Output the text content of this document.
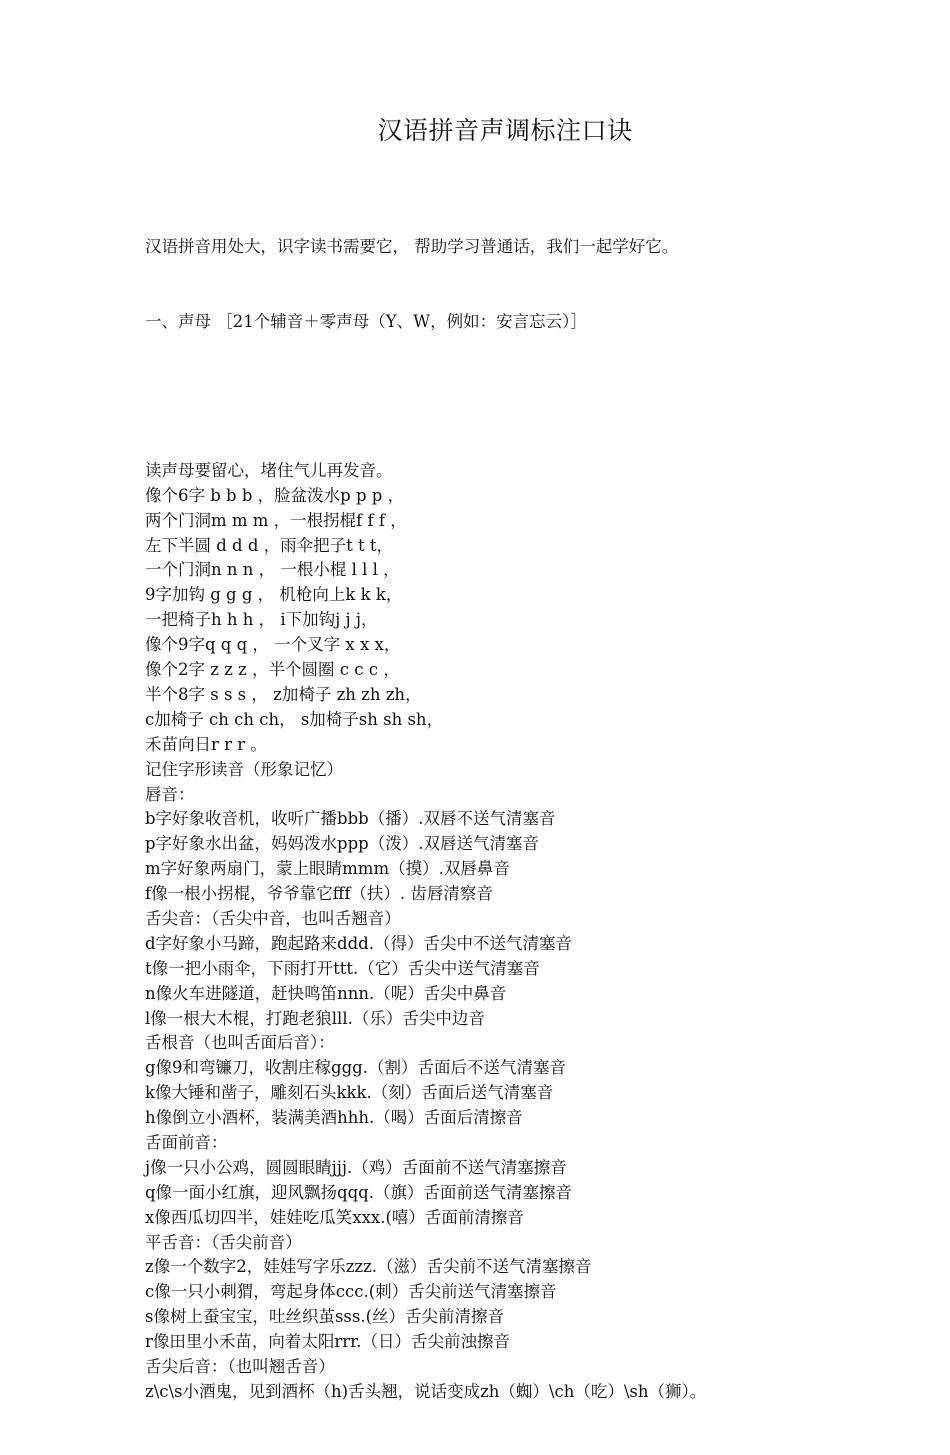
汉语拼音声调标注口诀

汉语拼音用处大，识字读书需要它， 帮助学习普通话，我们一起学好它。

一、声母 ［21个辅音＋零声母（Y、W，例如：安言忘云）］

读声母要留心，堵住气儿再发音。
像个6字 b b b ，脸盆泼水p p p ，
两个门洞m m m ，一根拐棍f f f ，
左下半圆 d d d ，雨伞把子t t t，
一个门洞n n n ， 一根小棍 l l l ，
9字加钩 g g g ， 机枪向上k k k，
一把椅子h h h ， i下加钩j j j，
像个9字q q q ， 一个叉字 x x x，
像个2字 z z z ，半个圆圈 c c c ，
半个8字 s s s ， z加椅子 zh zh zh，
c加椅子 ch ch ch， s加椅子sh sh sh，
禾苗向日r r r 。
记住字形读音（形象记忆）
唇音：
b字好象收音机，收听广播bbb（播）.双唇不送气清塞音
p字好象水出盆，妈妈泼水ppp（泼）.双唇送气清塞音
m字好象两扇门，蒙上眼睛mmm（摸）.双唇鼻音
f像一根小拐棍，爷爷靠它fff（扶）. 齿唇清察音
舌尖音：（舌尖中音，也叫舌翘音）
d字好象小马蹄，跑起路来ddd.（得）舌尖中不送气清塞音
t像一把小雨伞，下雨打开ttt.（它）舌尖中送气清塞音
n像火车进隧道，赶快鸣笛nnn.（呢）舌尖中鼻音
l像一根大木棍，打跑老狼lll.（乐）舌尖中边音
舌根音（也叫舌面后音）：
g像9和弯镰刀，收割庄稼ggg.（割）舌面后不送气清塞音
k像大锤和凿子，雕刻石头kkk.（刻）舌面后送气清塞音
h像倒立小酒杯，装满美酒hhh.（喝）舌面后清擦音
舌面前音：
j像一只小公鸡，圆圆眼睛jjj.（鸡）舌面前不送气清塞擦音
q像一面小红旗，迎风飘扬qqq.（旗）舌面前送气清塞擦音
x像西瓜切四半，娃娃吃瓜笑xxx.(嘻）舌面前清擦音
平舌音：（舌尖前音）
z像一个数字2，娃娃写字乐zzz.（滋）舌尖前不送气清塞擦音
c像一只小刺猬，弯起身体ccc.(刺）舌尖前送气清塞擦音
s像树上蚕宝宝，吐丝织茧sss.(丝）舌尖前清擦音
r像田里小禾苗，向着太阳rrr.（日）舌尖前浊擦音
舌尖后音：（也叫翘舌音）
z\c\s小酒鬼，见到酒杯（h)舌头翘，说话变成zh（蜘）\ch（吃）\sh（狮）。
